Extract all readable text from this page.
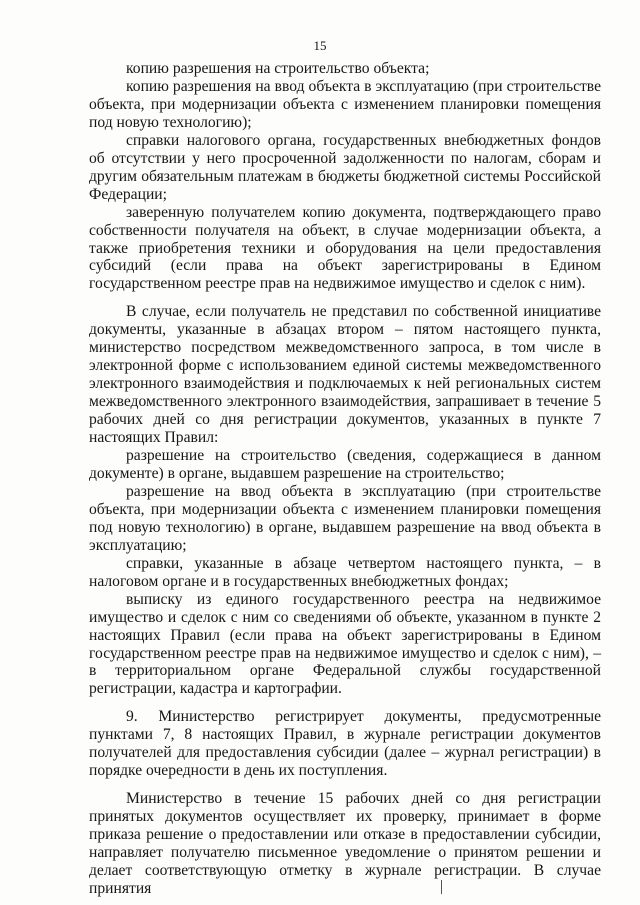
15

копию разрешения на строительство объекта;

копию разрешения на ввод объекта в эксплуатацию (при строительстве объекта, при модернизации объекта с изменением планировки помещения под новую технологию);

справки налогового органа, государственных внебюджетных фондов об отсутствии у него просроченной задолженности по налогам, сборам и другим обязательным платежам в бюджеты бюджетной системы Российской Федерации;

заверенную получателем копию документа, подтверждающего право собственности получателя на объект, в случае модернизации объекта, а также приобретения техники и оборудования на цели предоставления субсидий (если права на объект зарегистрированы в Едином государственном реестре прав на недвижимое имущество и сделок с ним).

В случае, если получатель не представил по собственной инициативе документы, указанные в абзацах втором – пятом настоящего пункта, министерство посредством межведомственного запроса, в том числе в электронной форме с использованием единой системы межведомственного электронного взаимодействия и подключаемых к ней региональных систем межведомственного электронного взаимодействия, запрашивает в течение 5 рабочих дней со дня регистрации документов, указанных в пункте 7 настоящих Правил:

разрешение на строительство (сведения, содержащиеся в данном документе) в органе, выдавшем разрешение на строительство;

разрешение на ввод объекта в эксплуатацию (при строительстве объекта, при модернизации объекта с изменением планировки помещения под новую технологию) в органе, выдавшем разрешение на ввод объекта в эксплуатацию;

справки, указанные в абзаце четвертом настоящего пункта, – в налоговом органе и в государственных внебюджетных фондах;

выписку из единого государственного реестра на недвижимое имущество и сделок с ним со сведениями об объекте, указанном в пункте 2 настоящих Правил (если права на объект зарегистрированы в Едином государственном реестре прав на недвижимое имущество и сделок с ним), – в территориальном органе Федеральной службы государственной регистрации, кадастра и картографии.

9. Министерство регистрирует документы, предусмотренные пунктами 7, 8 настоящих Правил, в журнале регистрации документов получателей для предоставления субсидии (далее – журнал регистрации) в порядке очередности в день их поступления.

Министерство в течение 15 рабочих дней со дня регистрации принятых документов осуществляет их проверку, принимает в форме приказа решение о предоставлении или отказе в предоставлении субсидии, направляет получателю письменное уведомление о принятом решении и делает соответствующую отметку в журнале регистрации. В случае принятия
